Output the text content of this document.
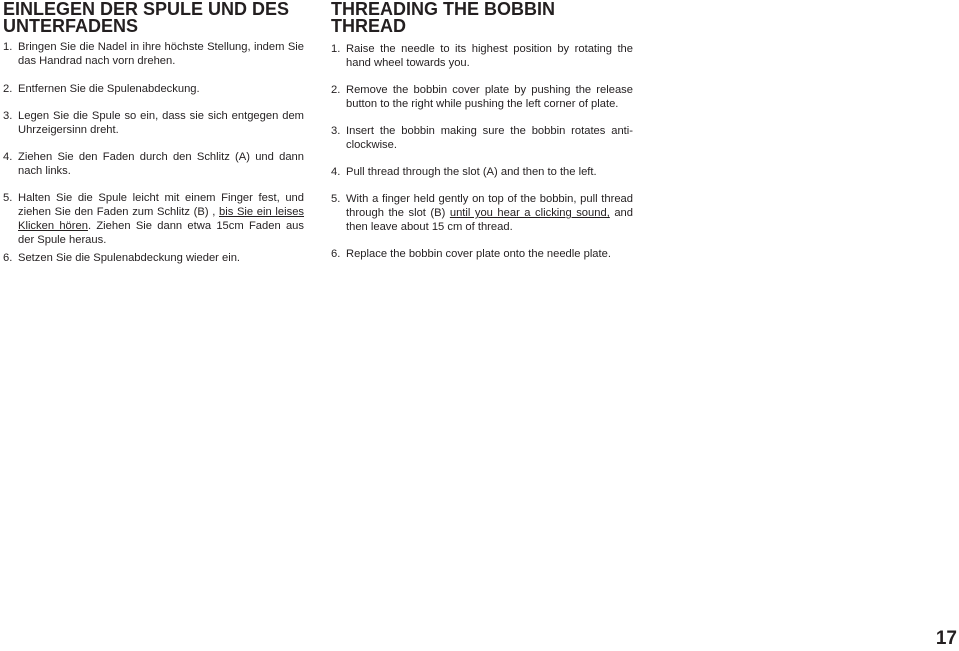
EINLEGEN DER SPULE UND DES UNTERFADENS
1. Bringen Sie die Nadel in ihre höchste Stellung, indem Sie das Handrad nach vorn drehen.
2. Entfernen Sie die Spulenabdeckung.
3. Legen Sie die Spule so ein, dass sie sich entgegen dem Uhrzeigersinn dreht.
4. Ziehen Sie den Faden durch den Schlitz (A) und dann nach links.
5. Halten Sie die Spule leicht mit einem Finger fest, und ziehen Sie den Faden zum Schlitz (B) , bis Sie ein leises Klicken hören. Ziehen Sie dann etwa 15cm Faden aus der Spule heraus.
6. Setzen Sie die Spulenabdeckung wieder ein.
THREADING THE BOBBIN THREAD
1. Raise the needle to its highest position by rotating the hand wheel towards you.
2. Remove the bobbin cover plate by pushing the release button to the right while pushing the left corner of plate.
3. Insert the bobbin making sure the bobbin rotates anti-clockwise.
4. Pull thread through the slot (A) and then to the left.
5. With a finger held gently on top of the bobbin, pull thread through the slot (B) until you hear a clicking sound, and then leave about 15 cm of thread.
6. Replace the bobbin cover plate onto the needle plate.
17
